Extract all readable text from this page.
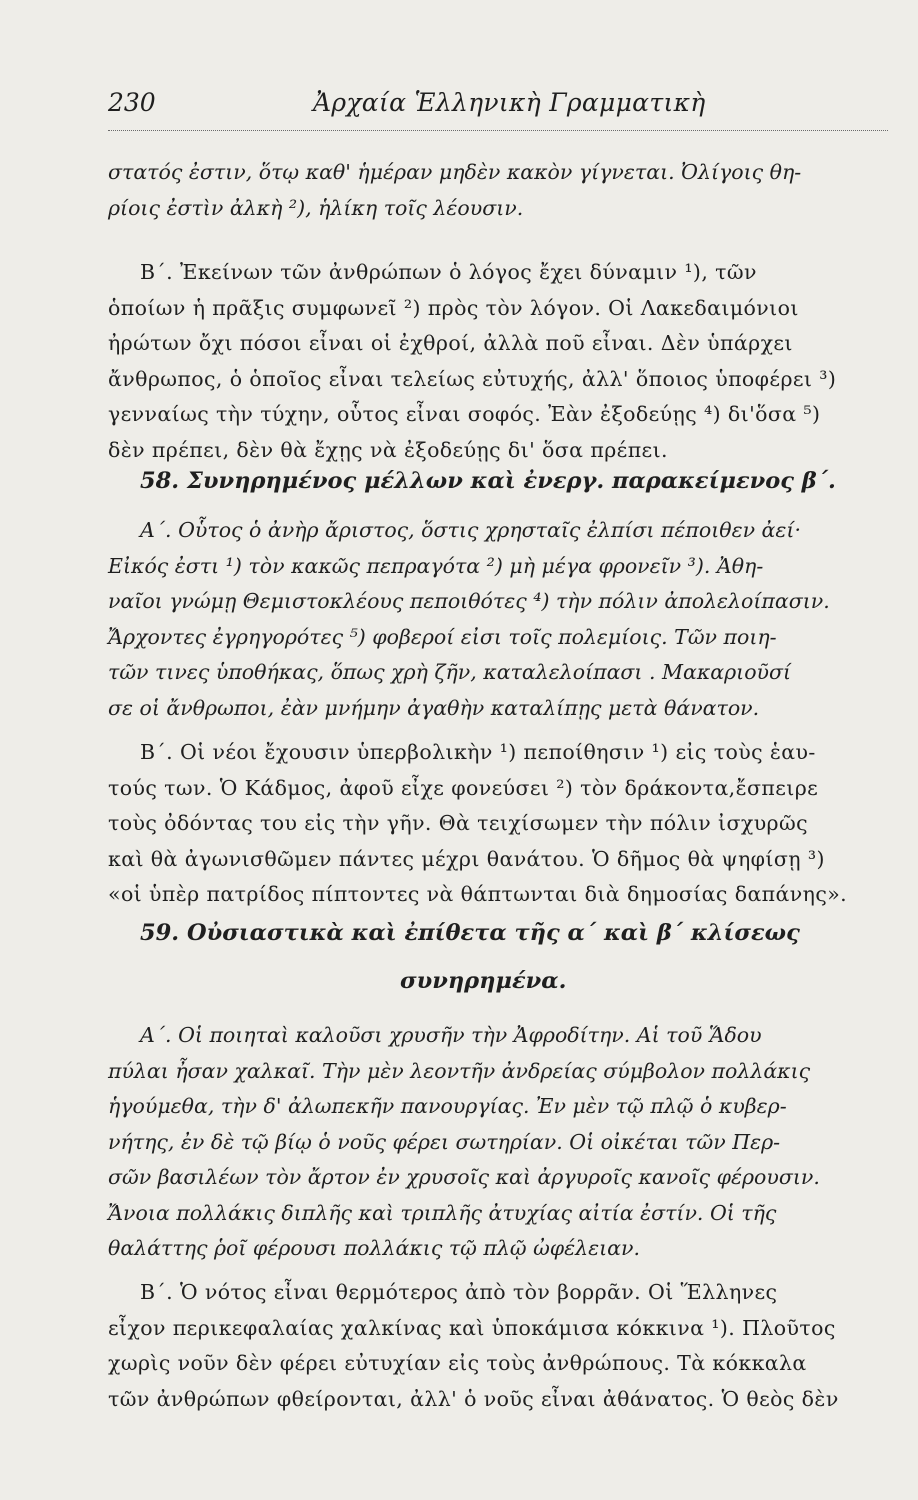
230	Ἀρχαία Ἑλληνικὴ Γραμματικὴ
στατός ἐστιν, ὅτῳ καθ' ἡμέραν μηδὲν κακὸν γίγνεται. Ὀλίγοις θη-
ρίοις ἐστὶν ἀλκὴ ²), ἡλίκη τοῖς λέουσιν.
Β΄. Ἐκείνων τῶν ἀνθρώπων ὁ λόγος ἔχει δύναμιν ¹), τῶν
ὁποίων ἡ πρᾶξις συμφωνεῖ ²) πρὸς τὸν λόγον. Οἱ Λακεδαιμόνιοι
ἠρώτων ὄχι πόσοι εἶναι οἱ ἐχθροί, ἀλλὰ ποῦ εἶναι. Δὲν ὑπάρχει
ἄνθρωπος, ὁ ὁποῖος εἶναι τελείως εὐτυχής, ἀλλ' ὅποιος ὑποφέρει ³)
γενναίως τὴν τύχην, οὗτος εἶναι σοφός. Ἐὰν ἐξοδεύῃς ⁴) δι'ὅσα ⁵)
δὲν πρέπει, δὲν θὰ ἔχῃς νὰ ἐξοδεύῃς δι' ὅσα πρέπει.
58. Συνηρημένος μέλλων καὶ ἐνεργ. παρακείμενος β΄.
Α΄. Οὗτος ὁ ἀνὴρ ἄριστος, ὅστις χρησταῖς ἐλπίσι πέποιθεν ἀεί·
Εἰκός ἐστι ¹) τὸν κακῶς πεπραγότα ²) μὴ μέγα φρονεῖν ³). Ἀθη-
ναῖοι γνώμῃ Θεμιστοκλέους πεποιθότες ⁴) τὴν πόλιν ἀπολελοίπασιν.
Ἄρχοντες ἐγρηγορότες ⁵) φοβεροί εἰσι τοῖς πολεμίοις. Τῶν ποιη-
τῶν τινες ὑποθήκας, ὅπως χρὴ ζῆν, καταλελοίπασι . Μακαριοῦσί
σε οἱ ἄνθρωποι, ἐὰν μνήμην ἀγαθὴν καταλίπῃς μετὰ θάνατον.
Β΄. Οἱ νέοι ἔχουσιν ὑπερβολικὴν ¹) πεποίθησιν ¹) εἰς τοὺς ἑαυ-
τούς των. Ὁ Κάδμος, ἀφοῦ εἶχε φονεύσει ²) τὸν δράκοντα,ἔσπειρε
τοὺς ὀδόντας του εἰς τὴν γῆν. Θὰ τειχίσωμεν τὴν πόλιν ἰσχυρῶς
καὶ θὰ ἀγωνισθῶμεν πάντες μέχρι θανάτου. Ὁ δῆμος θὰ ψηφίσῃ ³)
«οἱ ὑπὲρ πατρίδος πίπτοντες νὰ θάπτωνται διὰ δημοσίας δαπάνης».
59. Οὐσιαστικὰ καὶ ἐπίθετα τῆς α΄ καὶ β΄ κλίσεως
συνηρημένα.
Α΄. Οἱ ποιηταὶ καλοῦσι χρυσῆν τὴν Ἀφροδίτην. Αἱ τοῦ Ἅδου
πύλαι ἦσαν χαλκαῖ. Τὴν μὲν λεοντῆν ἀνδρείας σύμβολον πολλάκις
ἡγούμεθα, τὴν δ' ἀλωπεκῆν πανουργίας. Ἐν μὲν τῷ πλῷ ὁ κυβερ-
νήτης, ἐν δὲ τῷ βίῳ ὁ νοῦς φέρει σωτηρίαν. Οἱ οἰκέται τῶν Περ-
σῶν βασιλέων τὸν ἄρτον ἐν χρυσοῖς καὶ ἀργυροῖς κανοῖς φέρουσιν.
Ἄνοια πολλάκις διπλῆς καὶ τριπλῆς ἀτυχίας αἰτία ἐστίν. Οἱ τῆς
θαλάττης ῥοῖ φέρουσι πολλάκις τῷ πλῷ ὠφέλειαν.
Β΄. Ὁ νότος εἶναι θερμότερος ἀπὸ τὸν βορρᾶν. Οἱ Ἕλληνες
εἶχον περικεφαλαίας χαλκίνας καὶ ὑποκάμισα κόκκινα ¹). Πλοῦτος
χωρὶς νοῦν δὲν φέρει εὐτυχίαν εἰς τοὺς ἀνθρώπους. Τὰ κόκκαλα
τῶν ἀνθρώπων φθείρονται, ἀλλ' ὁ νοῦς εἶναι ἀθάνατος. Ὁ θεὸς δὲν
